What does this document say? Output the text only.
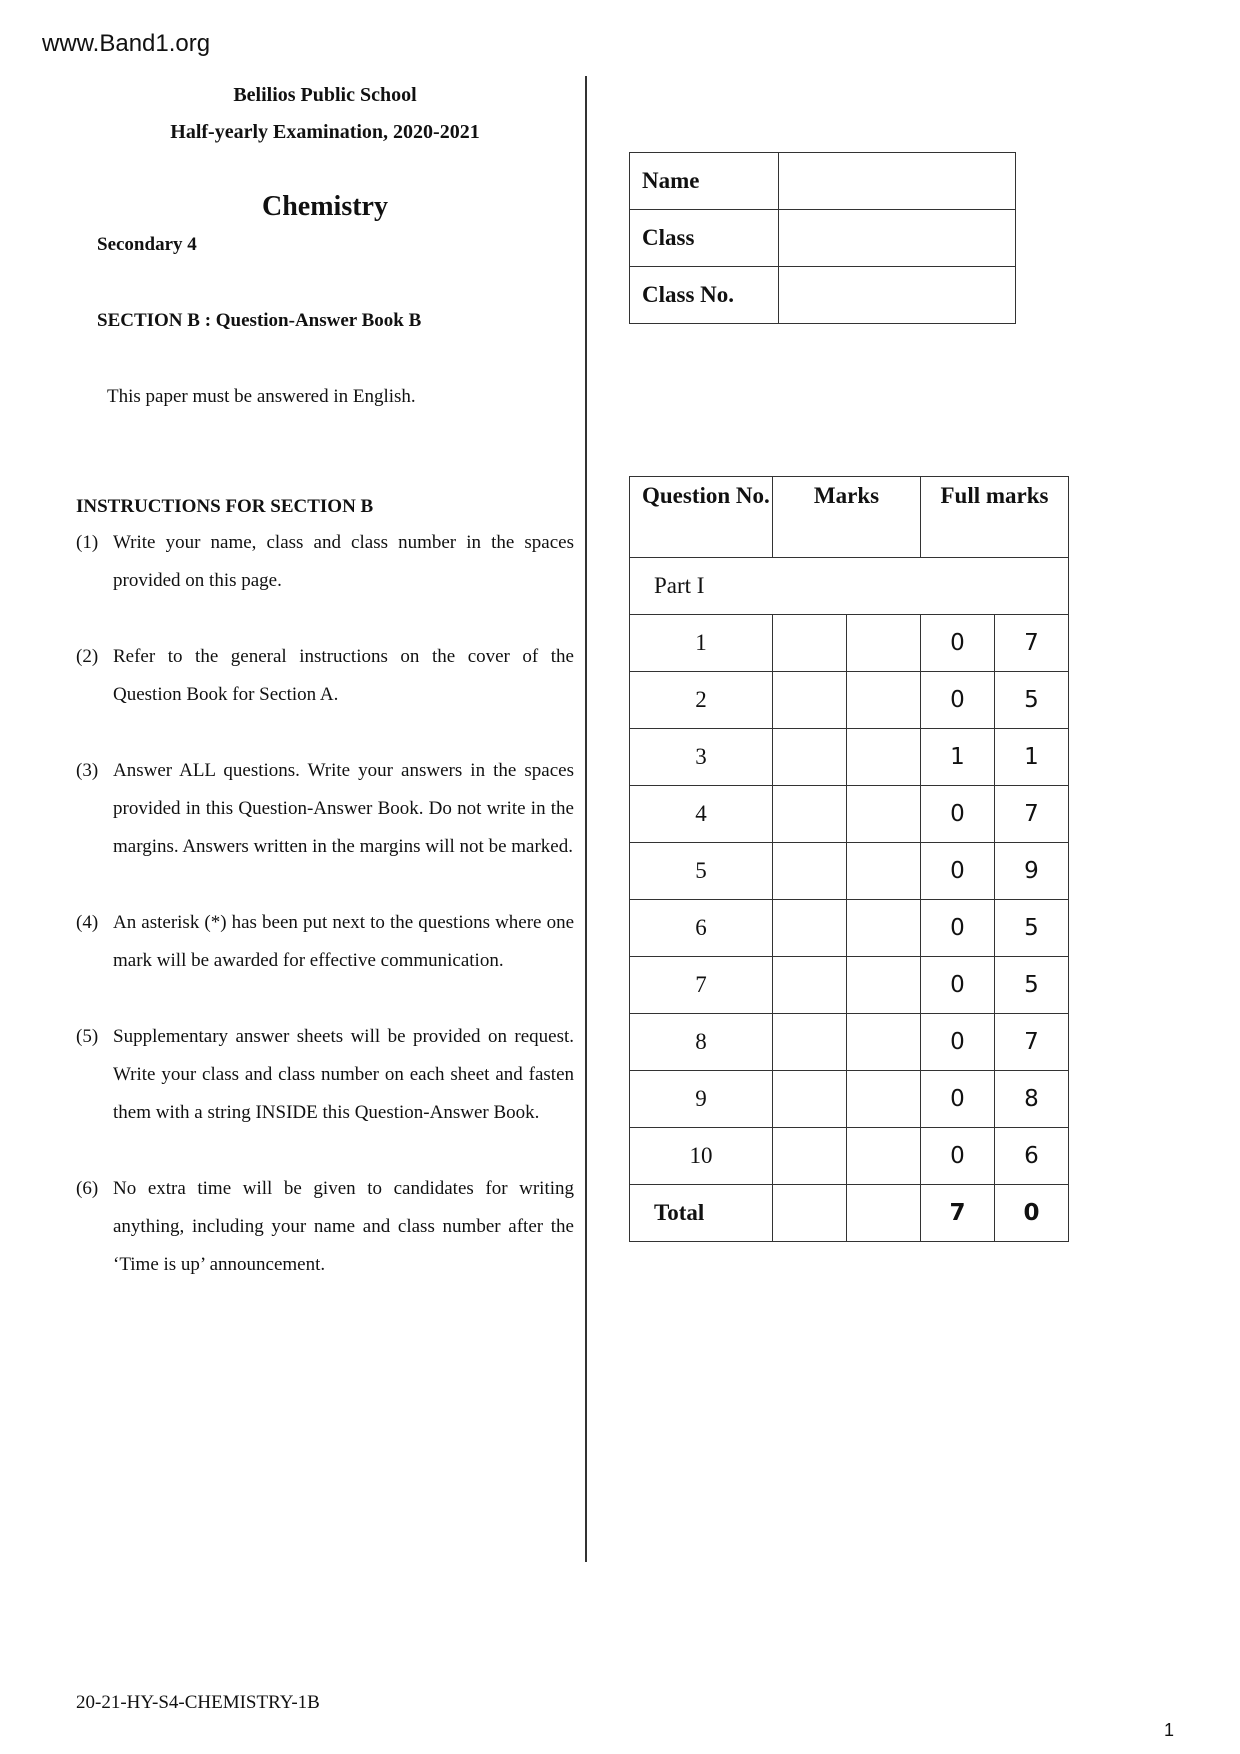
www.Band1.org
Belilios Public School
Half-yearly Examination, 2020-2021
Chemistry
Secondary 4
SECTION B : Question-Answer Book B
This paper must be answered in English.
Name	
Class	
Class No.	
INSTRUCTIONS FOR SECTION B
(1) Write your name, class and class number in the spaces provided on this page.
(2) Refer to the general instructions on the cover of the Question Book for Section A.
(3) Answer ALL questions. Write your answers in the spaces provided in this Question-Answer Book. Do not write in the margins. Answers written in the margins will not be marked.
(4) An asterisk (*) has been put next to the questions where one mark will be awarded for effective communication.
(5) Supplementary answer sheets will be provided on request. Write your class and class number on each sheet and fasten them with a string INSIDE this Question-Answer Book.
(6) No extra time will be given to candidates for writing anything, including your name and class number after the ‘Time is up’ announcement.
Question No.	Marks		Full marks	
Part I				
1			0	7
2			0	5
3			1	1
4			0	7
5			0	9
6			0	5
7			0	5
8			0	7
9			0	8
10			0	6
Total			7	0
20-21-HY-S4-CHEMISTRY-1B
1
